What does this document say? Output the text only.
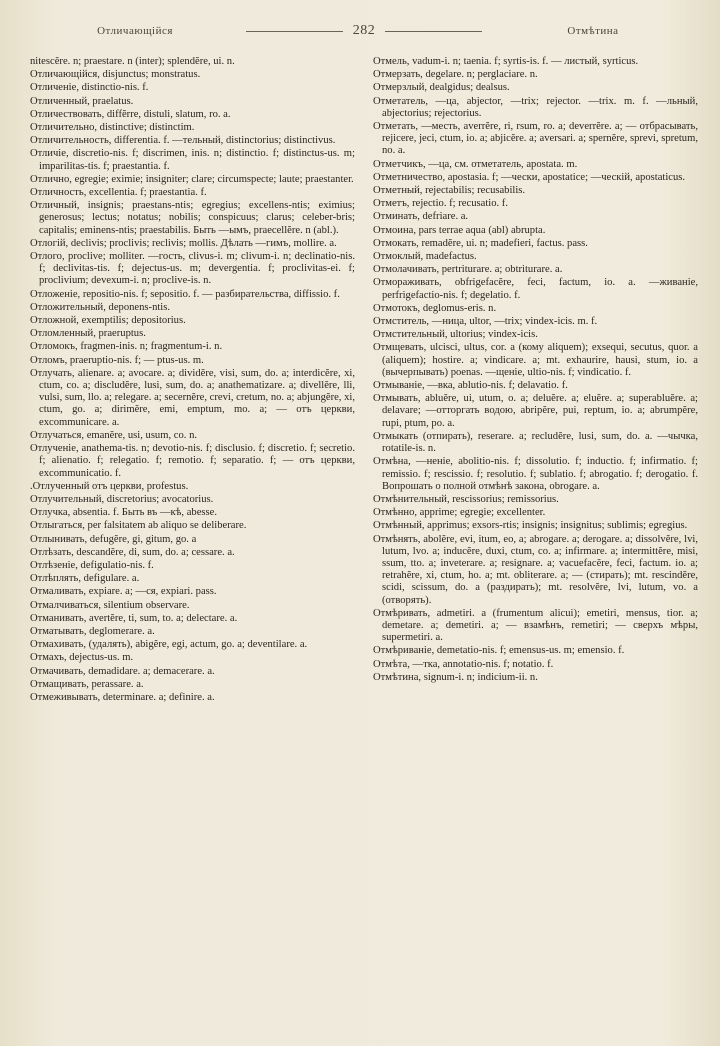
Отличающійся	282	Отмѣтина

nitescĕre. n; praestare. n (inter); splendĕre, ui. n.

Отличающійся, disjunctus; monstratus.

Отличеніе, distinctio-nis. f.

Отличенный, praelatus.

Отличествовать, diffĕrre, distuli, slatum, ro. a.

Отличительно, distinctive; distinctim.

Отличительность, differentia. f. —тельный, distinctorius; distinctivus.

Отличіе, discretio-nis. f; discrimen, inis. n; distinctio. f; distinctus-us. m; imparilitas-tis. f; praestantia. f.

Отлично, egregie; eximie; insigniter; clare; circumspecte; laute; praestanter.

Отличность, excellentia. f; praestantia. f.

Отличный, insignis; praestans-ntis; egregius; excellens-ntis; eximius; generosus; lectus; notatus; nobilis; conspicuus; clarus; celeber-bris; capitalis; eminens-ntis; praestabilis. Быть —ымъ, praecellĕre. n (abl.).

Отлогій, declivis; proclivis; reclivis; mollis. Дѣлать —гимъ, mollire. a.

Отлого, proclive; molliter. —гость, clivus-i. m; clivum-i. n; declinatio-nis. f; declivitas-tis. f; dejectus-us. m; devergentia. f; proclivitas-ei. f; proclivium; devexum-i. n; proclive-is. n.

Отложеніе, repositio-nis. f; sepositio. f. — разбирательства, diffissio. f.

Отложительный, deponens-ntis.

Отложной, exemptilis; depositorius.

Отломленный, praeruptus.

Отломокъ, fragmen-inis. n; fragmentum-i. n.

Отломъ, praeruptio-nis. f; — ptus-us. m.

Отлучать, alienare. a; avocare. a; dividĕre, visi, sum, do. a; interdicĕre, xi, ctum, co. a; discludĕre, lusi, sum, do. a; anathematizare. a; divellĕre, lli, vulsi, sum, llo. a; relegare. a; secernĕre, crevi, cretum, no. a; abjungĕre, xi, ctum, go. a; dirimĕre, emi, emptum, mo. a; — отъ церкви, excommunicare. a.

Отлучаться, emanĕre, usi, usum, co. n.

Отлученіе, anathema-tis. n; devotio-nis. f; disclusio. f; discretio. f; secretio. f; alienatio. f; relegatio. f; remotio. f; separatio. f; — отъ церкви, excommunicatio. f.

.Отлученный отъ церкви, profestus.

Отлучительный, discretorius; avocatorius.

Отлучка, absentia. f. Быть въ —кѣ, abesse.

Отлыгаться, per falsitatem ab aliquo se deliberare.

Отлынивать, defugĕre, gi, gitum, go. a

Отлѣзать, descandĕre, di, sum, do. a; cessare. a.

Отлѣзеніе, defigulatio-nis. f.

Отлѣплять, defigulare. a.

Отмаливать, expiare. a; —ся, expiari. pass.

Отмалчиваться, silentium observare.

Отманивать, avertĕre, ti, sum, to. a; delectare. a.

Отматывать, deglomerare. a.

Отмахивать, (удалять), abigĕre, egi, actum, go. a; deventilare. a.

Отмахъ, dejectus-us. m.

Отмачивать, demadidare. a; demacerare. a.

Отмащивать, perassare. a.

Отмеживывать, determinare. a; definire. a.

Отмель, vadum-i. n; taenia. f; syrtis-is. f. — листый, syrticus.

Отмерзать, degelare. n; perglaciare. n.

Отмерзлый, dealgidus; dealsus.

Отметатель, —ца, abjector, —trix; rejector. —trix. m. f. —льный, abjectorius; rejectorius.

Отметать, —месть, averrĕre, ri, rsum, ro. a; deverrĕre. a; — отбрасывать, rejicere, jeci, ctum, io. a; abjicĕre. a; aversari. a; spernĕre, sprevi, spretum, no. a.

Отметчикъ, —ца, см. отметатель, apostata. m.

Отметничество, apostasia. f; —чески, apostatice; —ческій, apostaticus.

Отметный, rejectabilis; recusabilis.

Отметъ, rejectio. f; recusatio. f.

Отминать, defriare. a.

Отмоина, pars terrae aqua (abl) abrupta.

Отмокать, remadĕre, ui. n; madefieri, factus. pass.

Отмоклый, madefactus.

Отмолачивать, pertriturare. a; obtriturare. a.

Отмораживать, obfrigefacĕre, feci, factum, io. a. —живаніе, perfrigefactio-nis. f; degelatio. f.

Отмотокъ, deglomus-eris. n.

Отмститель, —ница, ultor, —trix; vindex-icis. m. f.

Отмстительный, ultorius; vindex-icis.

Отмщевать, ulcisci, ultus, cor. a (кому aliquem); exsequi, secutus, quor. a (aliquem); hostire. a; vindicare. a; mt. exhaurire, hausi, stum, io. a (вычерпывать) poenas. —щеніе, ultio-nis. f; vindicatio. f.

Отмываніе, —вка, ablutio-nis. f; delavatio. f.

Отмывать, abluĕre, ui, utum, o. a; deluĕre. a; eluĕre. a; superabluĕre. a; delavare; —отторгать водою, abripĕre, pui, reptum, io. a; abrumpĕre, rupi, ptum, po. a.

Отмыкать (отпирать), reserare. a; recludĕre, lusi, sum, do. a. —чычка, rotatile-is. n.

Отмѣна, —неніе, abolitio-nis. f; dissolutio. f; inductio. f; infirmatio. f; remissio. f; rescissio. f; resolutio. f; sublatio. f; abrogatio. f; derogatio. f. Вопрошать о полной отмѣнѣ закона, obrogare. a.

Отмѣнительный, rescissorius; remissorius.

Отмѣнно, apprime; egregie; excellenter.

Отмѣнный, apprimus; exsors-rtis; insignis; insignitus; sublimis; egregius.

Отмѣнять, abolĕre, evi, itum, eo, a; abrogare. a; derogare. a; dissolvĕre, lvi, lutum, lvo. a; inducĕre, duxi, ctum, co. a; infirmare. a; intermittĕre, misi, ssum, tto. a; inveterare. a; resignare. a; vacuefacĕre, feci, factum. io. a; retrahĕre, xi, ctum, ho. a; mt. obliterare. a; — (стирать); mt. rescindĕre, scidi, scissum, do. a (раздирать); mt. resolvĕre, lvi, lutum, vo. a (отворять).

Отмѣривать, admetiri. a (frumentum alicui); emetiri, mensus, tior. a; demetare. a; demetiri. a; — взамѣнъ, remetiri; — сверхъ мѣры, supermetiri. a.

Отмѣриваніе, demetatio-nis. f; emensus-us. m; emensio. f.

Отмѣта, —тка, annotatio-nis. f; notatio. f.

Отмѣтина, signum-i. n; indicium-ii. n.
